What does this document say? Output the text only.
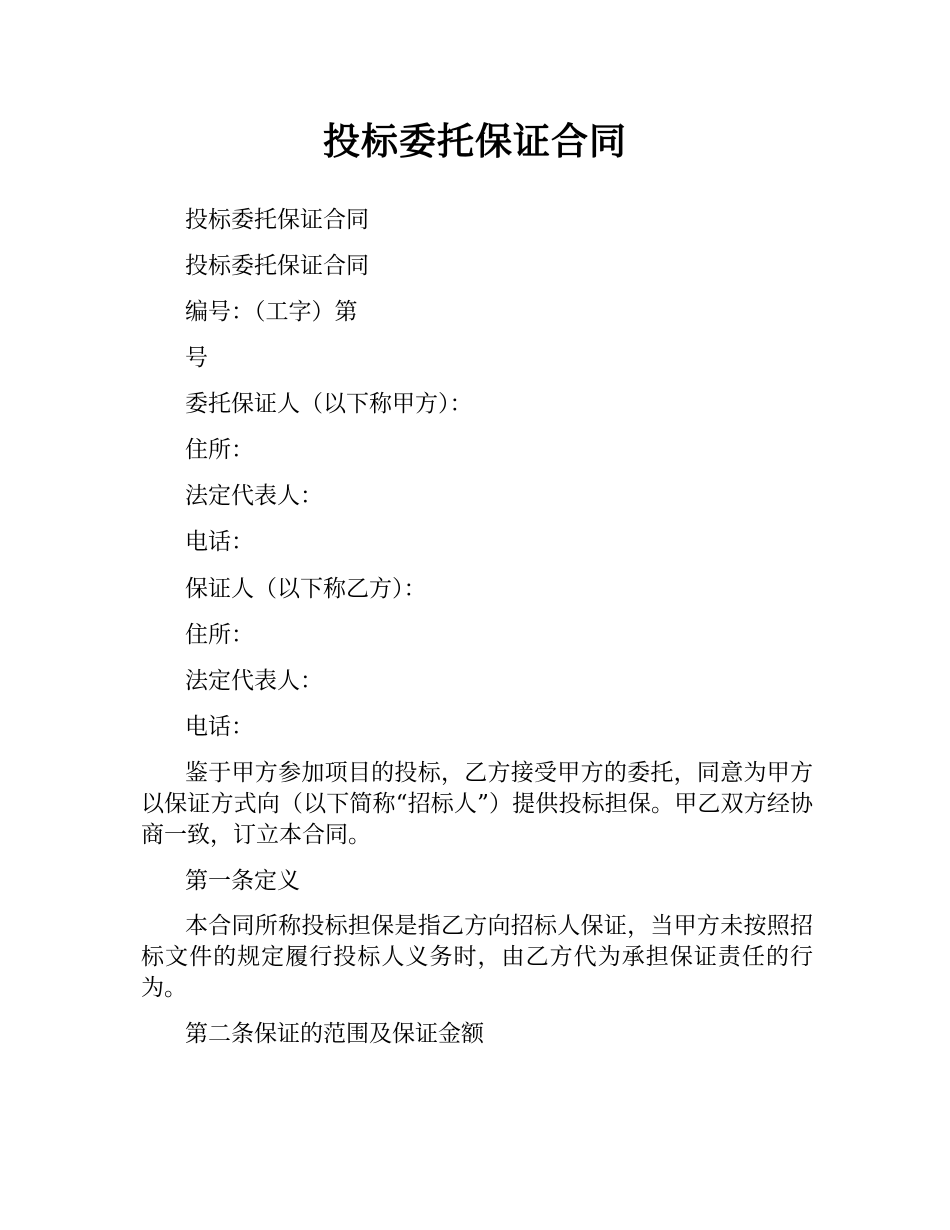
投标委托保证合同
投标委托保证合同
投标委托保证合同
编号：（工字）第
号
委托保证人（以下称甲方）：
住所：
法定代表人：
电话：
保证人（以下称乙方）：
住所：
法定代表人：
电话：
鉴于甲方参加项目的投标，乙方接受甲方的委托，同意为甲方以保证方式向（以下简称“招标人”）提供投标担保。甲乙双方经协商一致，订立本合同。
第一条定义
本合同所称投标担保是指乙方向招标人保证，当甲方未按照招标文件的规定履行投标人义务时，由乙方代为承担保证责任的行为。
第二条保证的范围及保证金额
